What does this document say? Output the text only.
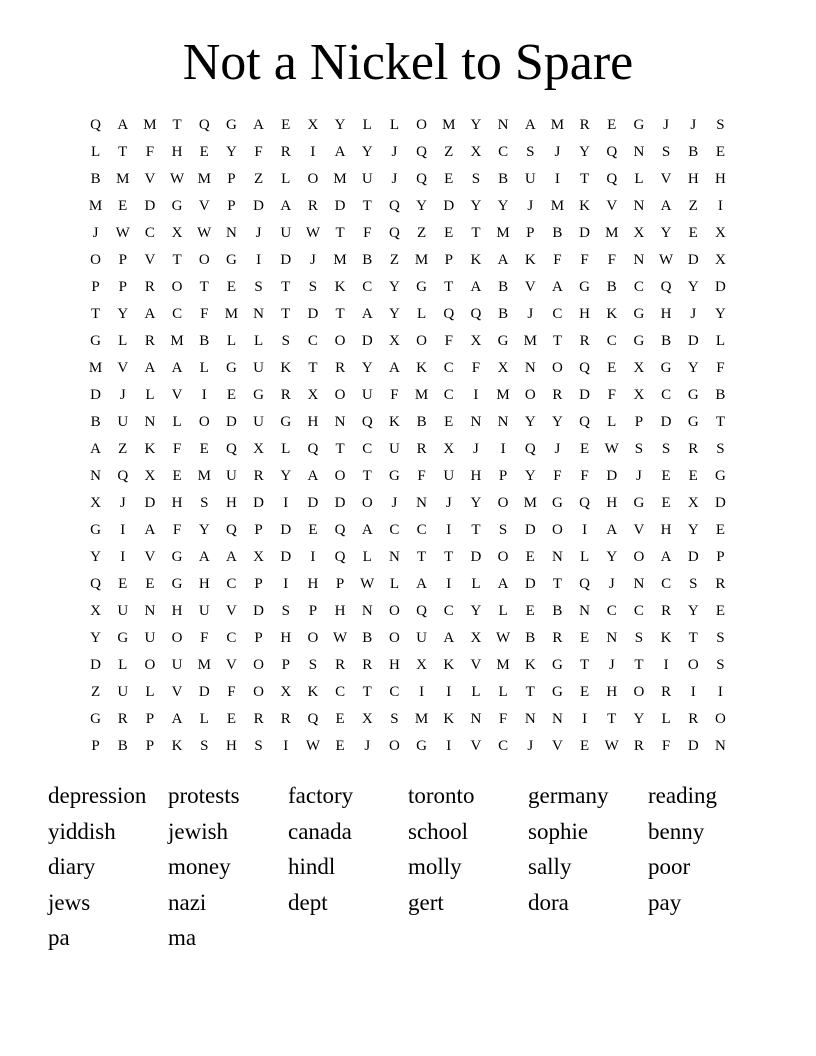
Not a Nickel to Spare
Q	A	M	T	Q	G	A	E	X	Y	L	L	O	M	Y	N	A	M	R	E	G	J	J	S
L	T	F	H	E	Y	F	R	I	A	Y	J	Q	Z	X	C	S	J	Y	Q	N	S	B	E
B	M	V W M	P	Z	L	O	M	U	J	Q	E	S	B	U	I	T	Q	L	V	H	H
M	E	D	G	V	P	D	A	R	D	T	Q	Y	D	Y	Y	J	M	K	V	N	A	Z	I
J	W	C	X W N	J	U W	T	F	Q	Z	E	T	M	P	B	D	M	X	Y	E	X
O	P	V	T	O	G	I	D	J	M	B	Z	M	P	K	A	K	F	F	F	N W D	X
P	P	R	O	T	E	S	T	S	K	C	Y	G	T	A	B	V	A	G	B	C	Q	Y	D
T	Y	A	C	F	M	N	T	D	T	A	Y	L	Q	Q	B	J	C	H	K	G	H	J	Y
G	L	R	M	B	L	L	S	C	O	D	X	O	F	X	G	M	T	R	C	G	B	D	L
M	V	A	A	L	G	U	K	T	R	Y	A	K	C	F	X	N	O	Q	E	X	G	Y	F
D	J	L	V	I	E	G	R	X	O	U	F	M	C	I	M	O	R	D	F	X	C	G	B
B	U	N	L	O	D	U	G	H	N	Q	K	B	E	N	N	Y	Y	Q	L	P	D	G	T
A	Z	K	F	E	Q	X	L	Q	T	C	U	R	X	J	I	Q	J	E	W	S	S	R	S
N	Q	X	E	M	U	R	Y	A	O	T	G	F	U	H	P	Y	F	F	D	J	E	E	G
X	J	D	H	S	H	D	I	D	D	O	J	N	J	Y	O	M	G	Q	H	G	E	X	D
G	I	A	F	Y	Q	P	D	E	Q	A	C	C	I	T	S	D	O	I	A	V	H	Y	E
Y	I	V	G	A	A	X	D	I	Q	L	N	T	T	D	O	E	N	L	Y	O	A	D	P
Q	E	E	G	H	C	P	I	H	P	W	L	A	I	L	A	D	T	Q	J	N	C	S	R
X	U	N	H	U	V	D	S	P	H	N	O	Q	C	Y	L	E	B	N	C	C	R	Y	E
Y	G	U	O	F	C	P	H	O W	B	O	U	A	X W	B	R	E	N	S	K	T	S
D	L	O	U	M	V	O	P	S	R	R	H	X	K	V	M	K	G	T	J	T	I	O	S
Z	U	L	V	D	F	O	X	K	C	T	C	I	I	L	L	T	G	E	H	O	R	I	I
G	R	P	A	L	E	R	R	Q	E	X	S	M	K	N	F	N	N	I	T	Y	L	R	O
P	B	P	K	S	H	S	I	W	E	J	O	G	I	V	C	J	V	E	W	R	F	D	N
depression protests	factory	toronto	germany	reading
yiddish	jewish	canada	school	sophie	benny
diary	money	hindl	molly	sally	poor
jews	nazi	dept	gert	dora	pay
pa	ma
